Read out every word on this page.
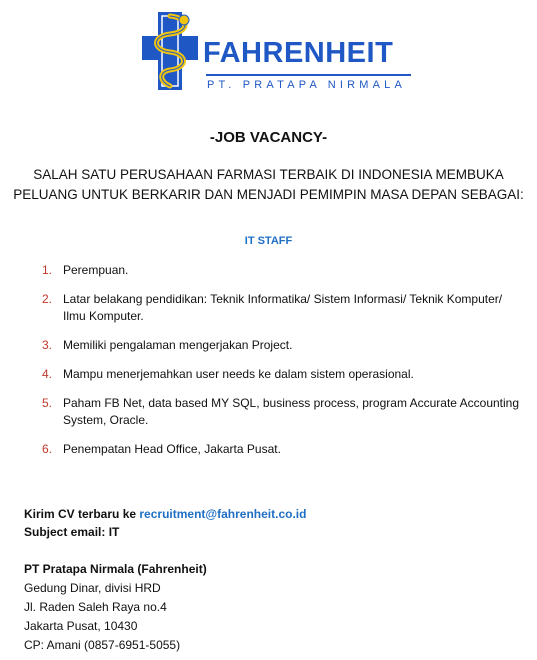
FAHRENHEIT
PT. PRATAPA NIRMALA
-JOB VACANCY-
SALAH SATU PERUSAHAAN FARMASI TERBAIK DI INDONESIA MEMBUKA
PELUANG UNTUK BERKARIR DAN MENJADI PEMIMPIN MASA DEPAN SEBAGAI:
IT STAFF
1. Perempuan.
2. Latar belakang pendidikan: Teknik Informatika/ Sistem Informasi/ Teknik Komputer/
Ilmu Komputer.
3. Memiliki pengalaman mengerjakan Project.
4. Mampu menerjemahkan user needs ke dalam sistem operasional.
5. Paham FB Net, data based MY SQL, business process, program Accurate Accounting
System, Oracle.
6. Penempatan Head Office, Jakarta Pusat.
Kirim CV terbaru ke recruitment@fahrenheit.co.id
Subject email: IT
PT Pratapa Nirmala (Fahrenheit)
Gedung Dinar, divisi HRD
Jl. Raden Saleh Raya no.4
Jakarta Pusat, 10430
CP: Amani (0857-6951-5055)
